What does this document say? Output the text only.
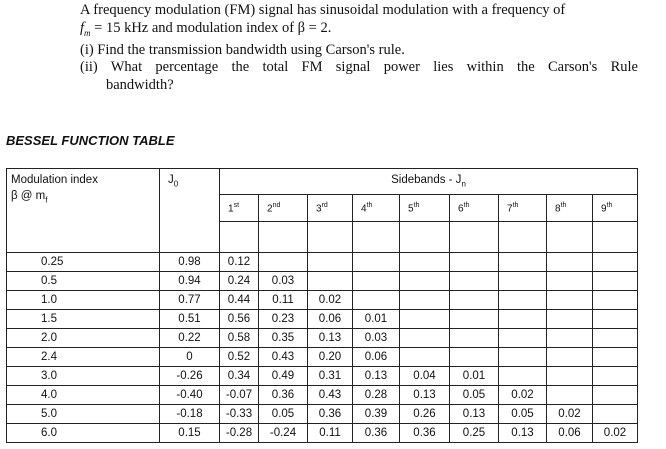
A frequency modulation (FM) signal has sinusoidal modulation with a frequency of
$f_m = 15$ kHz and modulation index of β = 2.
(i) Find the transmission bandwidth using Carson's rule.
(ii) What percentage the total FM signal power lies within the Carson's Rule
bandwidth?
BESSEL FUNCTION TABLE
Modulation index
β @ $m_f$	$J_0$	Sidebands - $J_n$
		1st	2nd	3rd	4th	5th	6th	7th	8th	9th

0.25	0.98	0.12								
0.5	0.94	0.24	0.03							
1.0	0.77	0.44	0.11	0.02						
1.5	0.51	0.56	0.23	0.06	0.01					
2.0	0.22	0.58	0.35	0.13	0.03					
2.4	0	0.52	0.43	0.20	0.06					
3.0	-0.26	0.34	0.49	0.31	0.13	0.04	0.01			
4.0	-0.40	-0.07	0.36	0.43	0.28	0.13	0.05	0.02		
5.0	-0.18	-0.33	0.05	0.36	0.39	0.26	0.13	0.05	0.02	
6.0	0.15	-0.28	-0.24	0.11	0.36	0.36	0.25	0.13	0.06	0.02
